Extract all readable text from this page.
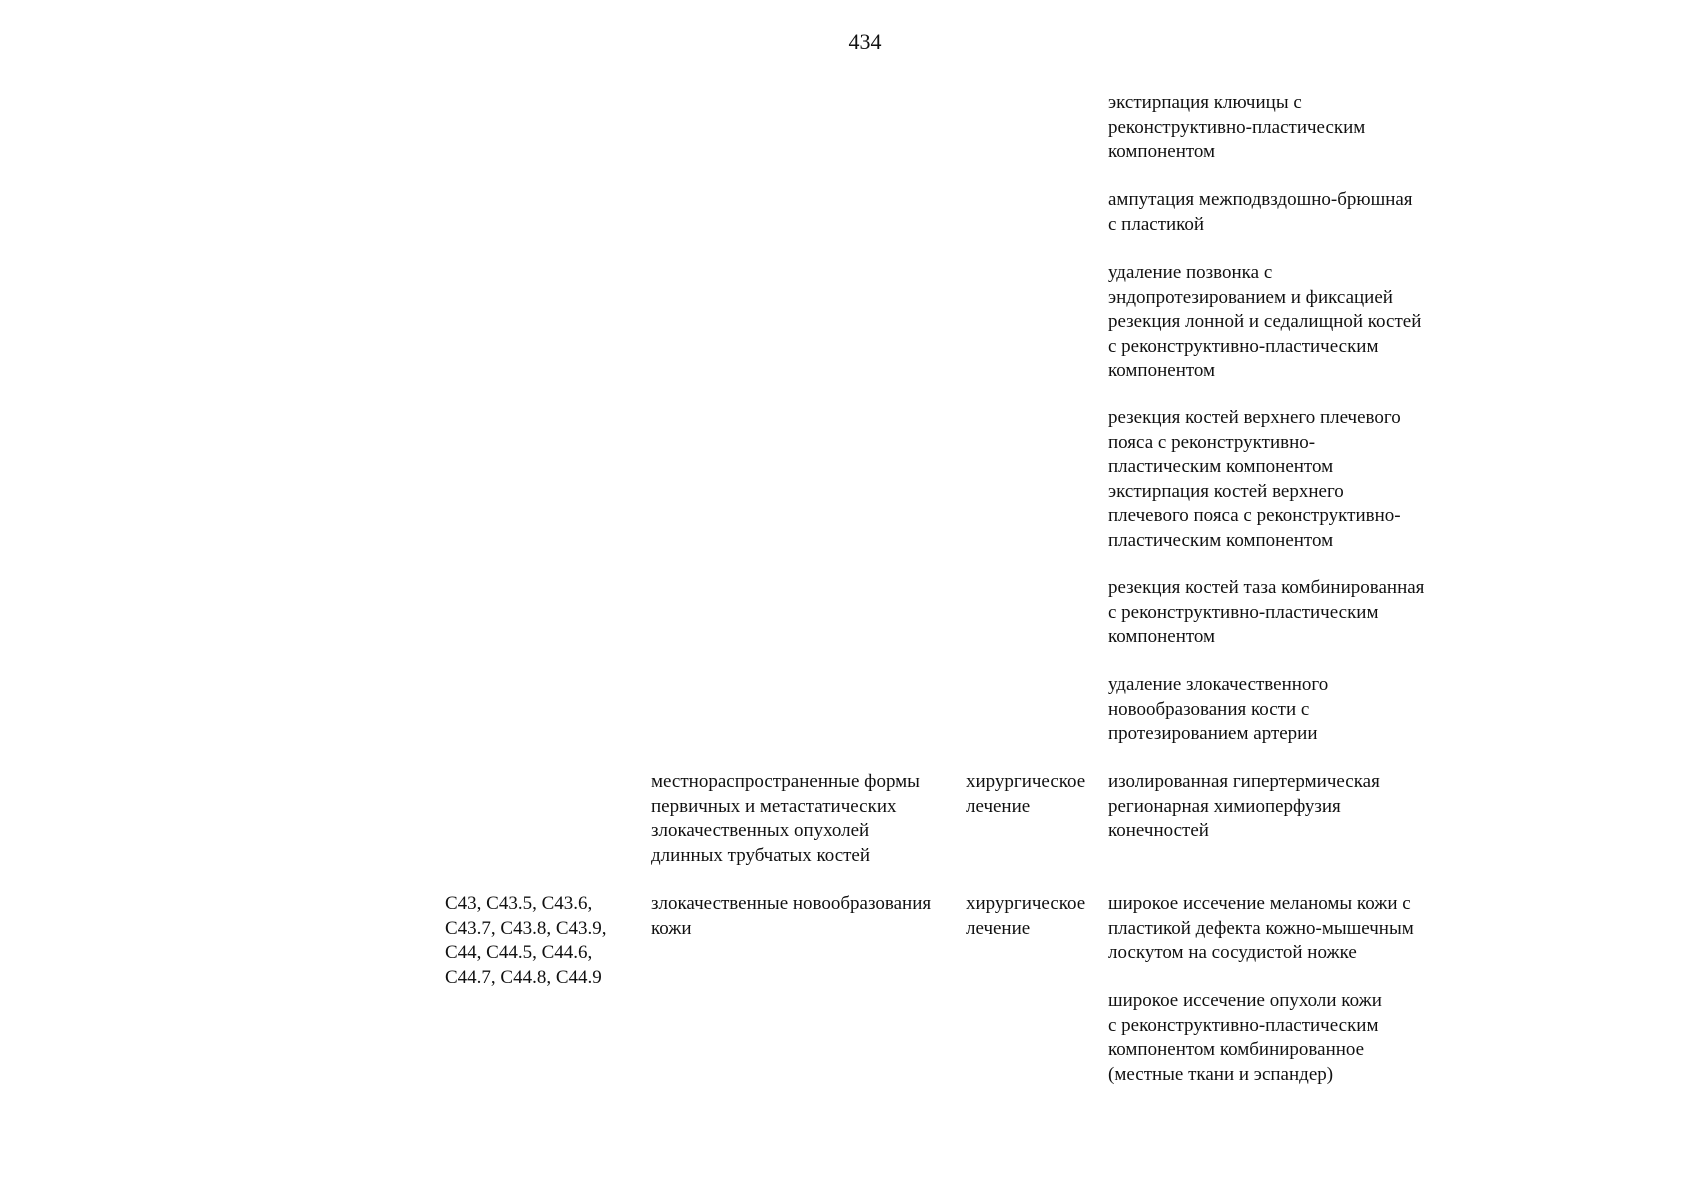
434
экстирпация ключицы с
реконструктивно-пластическим
компонентом
ампутация межподвздошно-брюшная
с пластикой
удаление позвонка с
эндопротезированием и фиксацией
резекция лонной и седалищной костей
с реконструктивно-пластическим
компонентом
резекция костей верхнего плечевого
пояса с реконструктивно-
пластическим компонентом
экстирпация костей верхнего
плечевого пояса с реконструктивно-
пластическим компонентом
резекция костей таза комбинированная
с реконструктивно-пластическим
компонентом
удаление злокачественного
новообразования кости с
протезированием артерии
местнораспространенные формы
первичных и метастатических
злокачественных опухолей
длинных трубчатых костей
хирургическое
лечение
изолированная гипертермическая
регионарная химиоперфузия
конечностей
C43, C43.5, C43.6,
C43.7, C43.8, C43.9,
C44, C44.5, C44.6,
C44.7, C44.8, C44.9
злокачественные новообразования
кожи
хирургическое
лечение
широкое иссечение меланомы кожи с
пластикой дефекта кожно-мышечным
лоскутом на сосудистой ножке
широкое иссечение опухоли кожи
с реконструктивно-пластическим
компонентом комбинированное
(местные ткани и эспандер)
